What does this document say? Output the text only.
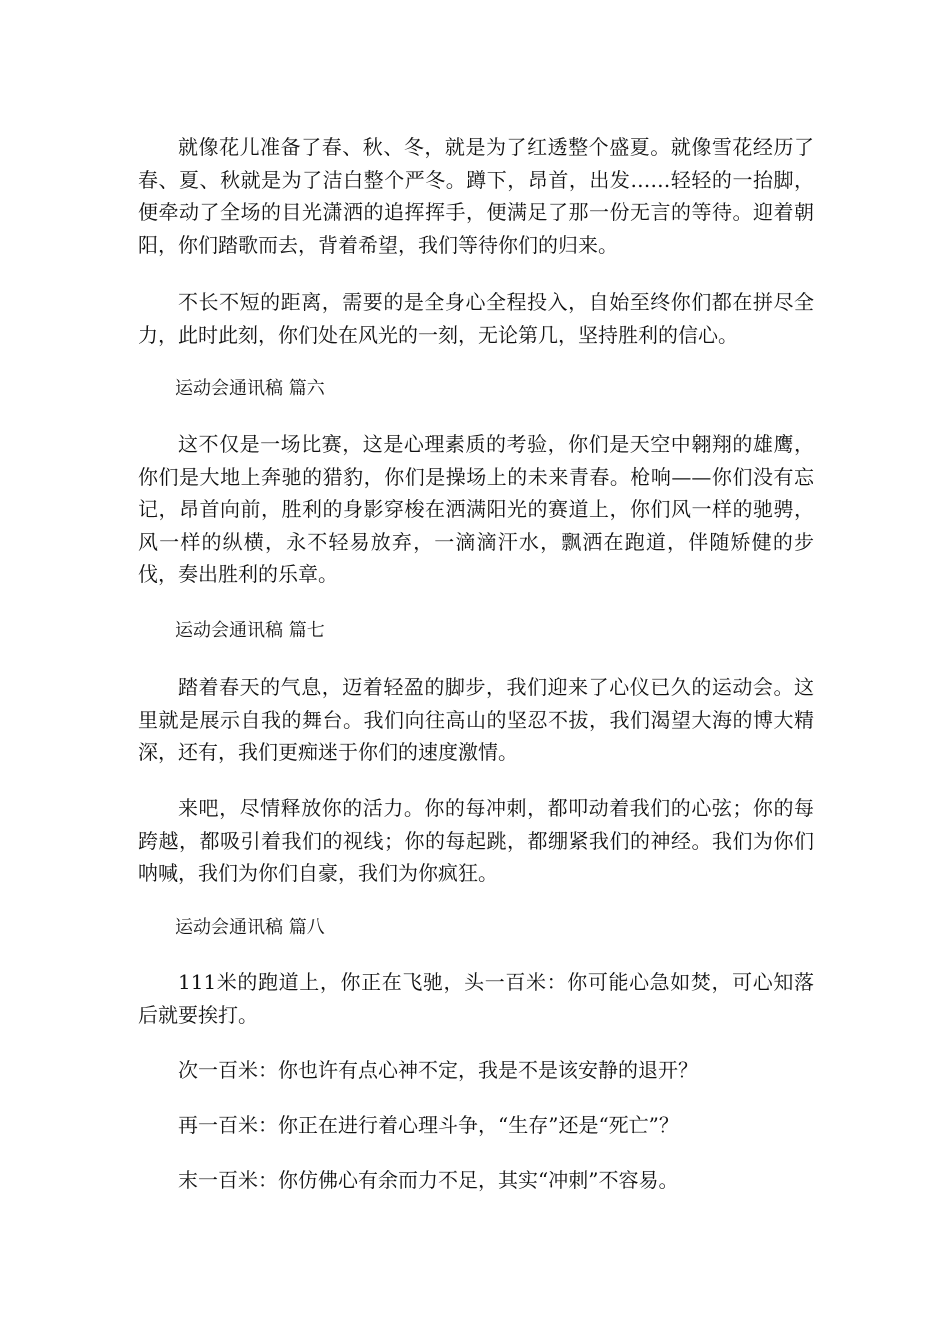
就像花儿准备了春、秋、冬，就是为了红透整个盛夏。就像雪花经历了春、夏、秋就是为了洁白整个严冬。蹲下，昂首，出发……轻轻的一抬脚，便牵动了全场的目光潇洒的追挥挥手，便满足了那一份无言的等待。迎着朝阳，你们踏歌而去，背着希望，我们等待你们的归来。

不长不短的距离，需要的是全身心全程投入，自始至终你们都在拼尽全力，此时此刻，你们处在风光的一刻，无论第几，坚持胜利的信心。

运动会通讯稿 篇六

这不仅是一场比赛，这是心理素质的考验，你们是天空中翱翔的雄鹰，你们是大地上奔驰的猎豹，你们是操场上的未来青春。枪响——你们没有忘记，昂首向前，胜利的身影穿梭在洒满阳光的赛道上，你们风一样的驰骋，风一样的纵横，永不轻易放弃，一滴滴汗水，飘洒在跑道，伴随矫健的步伐，奏出胜利的乐章。

运动会通讯稿 篇七

踏着春天的气息，迈着轻盈的脚步，我们迎来了心仪已久的运动会。这里就是展示自我的舞台。我们向往高山的坚忍不拔，我们渴望大海的博大精深，还有，我们更痴迷于你们的速度激情。

来吧，尽情释放你的活力。你的每冲刺，都叩动着我们的心弦；你的每跨越，都吸引着我们的视线；你的每起跳，都绷紧我们的神经。我们为你们呐喊，我们为你们自豪，我们为你疯狂。

运动会通讯稿 篇八

111米的跑道上，你正在飞驰，头一百米：你可能心急如焚，可心知落后就要挨打。

次一百米：你也许有点心神不定，我是不是该安静的退开？

再一百米：你正在进行着心理斗争，“生存”还是“死亡”？

末一百米：你仿佛心有余而力不足，其实“冲刺”不容易。
